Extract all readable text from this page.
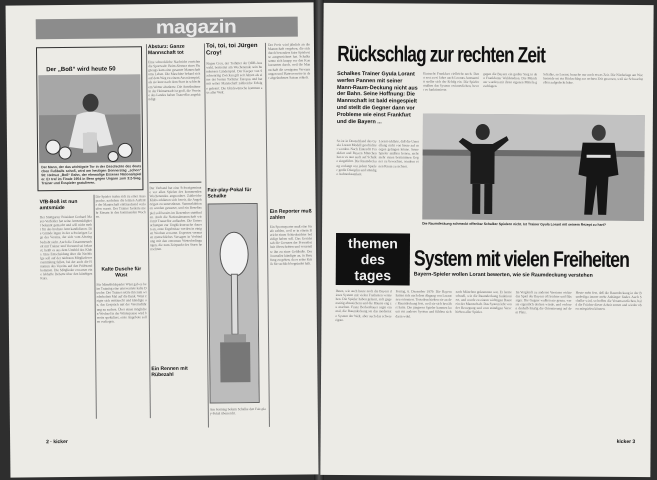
magazin
Der „Boß“ wird heute 50
Der Mann, der das wichtigste Tor in der Geschichte des deutschen Fußballs schoß, wird am heutigen Donnerstag „schon“ 50: Helmut „Boß“ Rahn, der ehemalige Essener Nationalspieler. Er traf im Finale 1954 in Bern gegen Ungarn zum 3:2-Sieg. Trainer und Exspieler gratulieren.
VfB-Boß ist nun amtsmüde
Der Stuttgarter Präsident Gerhard Mayer-Vorfelder hat seine Amtsmüdigkeit bekannt gemacht und will nicht mehr für das höchste Amt kandidieren. Die Gründe lägen in der schwierigen Lage des Vereins, der sich vom Abstieg bedroht sieht. Auch die Zusammenarbeit mit Trainer und Vorstand sei belastet, heißt es aus dem Umfeld des Klubs. Eine Entscheidung über die Nachfolge soll auf der nächsten Mitgliederversammlung fallen, bei der auch die Finanzen des Vereins auf den Prüfstand kommen. Die Mitglieder erwarten eine lebhafte Debatte über den künftigen Kurs.
Kalte Dusche für Wüst
Für Mittelfeldspieler Wüst gab es beim Training eine unerwartete kalte Dusche: Der Trainer setzte ihn zum wiederholten Mal auf die Bank. Wüst zeigte sich enttäuscht und kündigte an, das Gespräch mit der Vereinsführung zu suchen. Über einen möglichen Wechsel in der Winterpause wird bereits spekuliert, erste Angebote sollen vorliegen.
Die Spieler trafen sich zu einer Aussprache, nachdem die letzten Auftritte der Mannschaft enttäuschend verlaufen waren. Der Trainer forderte mehr Einsatz in den kommenden Wochen.
Absturz: Ganze Mannschaft tot
Eine schreckliche Nachricht erreichte die Sportwelt: Beim Absturz eines Flugzeugs kam eine gesamte Mannschaft ums Leben. Die Maschine befand sich auf dem Weg zu einem Auswärtsspiel, als sie kurz nach dem Start in schlechtem Wetter abstürzte. Die Anteilnahme in der Heimatstadt ist groß, die Vereine des Landes haben Trauerflor angekündigt.
Der Verband hat eine Schweigeminute vor allen Spielen des kommenden Wochenendes angeordnet. Zahlreiche Klubs erklärten sich bereit, die Angehörigen zu unterstützen. Sammelaktionen wurden gestartet, und ein Benefizspiel soll bereits im Dezember stattfinden. Auch die Nationalmannschaft wird mit Trauerflor auflaufen. Die Untersuchungen zur Unglücksursache dauern an, erste Ergebnisse werden in einigen Wochen erwartet. Experten vermuten menschliches Versagen in Verbindung mit den extremen Wetterbedingungen, die zum Zeitpunkt des Starts herrschten.
Ein Rennen mit Rübezahl
Toi, toi, toi Jürgen Croy!
Jürgen Croy, der Torhüter der DDR-Auswahl, bestreitet am Wochenende sein hundertstes Länderspiel. Der Keeper von Sachsenring Zwickau gilt seit Jahren als einer der besten Torhüter Europas und hat mit seiner Mannschaft zahlreiche Erfolge gefeiert. Die Glückwünsche kommen aus aller Welt.
Fair-play-Pokal für Schalke
Am Sonntag bekam Schalke den Fair-play-Pokal überreicht.
Der Preis wird jährlich an die Mannschaft vergeben, die sich durch besonders faire Spielweise ausgezeichnet hat. Schalke setzte sich knapp vor den Konkurrenten durch, weil die Mannschaft die wenigsten Verwarnungen und Platzverweise in der abgelaufenen Saison erhielt.
Ein Reporter muß zahlen
Ein Sportreporter muß eine Strafe zahlen, weil er in einem Bericht einen Schiedsrichter beleidigt haben soll. Das Gericht sah die Grenzen der Pressefreiheit überschritten und verurteilte ihn zu einer Geldbuße. Der Journalist kündigte an, in Berufung zu gehen, da er seine Kritik für sachlich begründet hält.
2 · kicker
Rückschlag zur rechten Zeit
Schalkes Trainer Gyula Lorant werfen Pannen mit seiner Mann-Raum-Deckung nicht aus der Bahn. Seine Hoffnung: Die Mannschaft ist bald eingespielt und stellt die Gegner dann vor Probleme wie einst Frankfurt und die Bayern ...
Eintracht Frankfurt vielleicht noch. Denn erst zwei Jahre nach Lorants Amtsantritt stellte sich der Erfolg ein. Die Spieler mußten das System verinnerlichen, bevor es funktionierte.
gegen die Bayern ein großer Sieg in den Frankfurter Waldstadion. Die Münchner wurden mit ihren eigenen Mitteln geschlagen.
Schalke, so Lorant, brauche nur noch etwas Zeit. Die Niederlage am Wochenende sei ein Rückschlag zur rechten Zeit gewesen, weil sie Schwachstellen aufgedeckt habe.
Die Raumdeckung schmeckt offenbar Schalker Spielern nicht. Ist Trainer Gyula Lorant mit seinem Rezept zu hart?
So ist in Deutschland das Gyula Lorant Modell geschichtet worden. Nach Eintracht Frankfurt und Bayern München hat er es nun auch auf Schalke eingeführt. Die Raumdeckung verlangt von jedem Spieler große Disziplin und ständige Aufmerksamkeit.
Lorant erklärte, daß die Umstellung nicht von heute auf morgen gelingen könne. Seine Spieler müßten lernen, nicht mehr einen bestimmten Gegner zu bewachen, sondern einen Raum zu sichern.
themen
des
tages
System mit vielen Freiheiten
Bayern-Spieler wollen Lorant bewerten, wie sie Raumdeckung verstehen
Ihnen, wie auch heute noch die Bayern dieses System mit vielen Freiheiten verstehen. Die Spieler haben gelernt, sich gegenseitig abzusichern und die Räume eng zu machen. Franz Beckenbauer sagte einmal, die Raumdeckung sei das modernste System der Welt, aber auch das schwierigste.
Freitag, 6. Dezember 1979: Die Bayern hatten sich nach dem Abgang von Lorant neu orientiert. Trotzdem hielten sie an der Raumdeckung fest, weil sie sich bewährt hatte. Die jüngeren Spieler kannten kaum ein anderes System und fühlten sich darin wohl.
nach München gekommen war. Er lernte schnell, wie die Raumdeckung funktioniert, und wurde zu einem wichtigen Baustein der Mannschaft. Das System lebt von der Bewegung und vom ständigen Verschieben aller Spieler.
Im Vergleich zu anderen Vereinen wirkte das Spiel der Bayern oft leichter und flüssiger. Die Gegner wußten nie genau, wer sie eigentlich decken würde, und verloren deshalb häufig die Orientierung auf dem Platz.
Heute steht fest, daß die Raumdeckung in der Bundesliga immer mehr Anhänger findet. Auch Schalke wird, so hoffen die Verantwortlichen, bald die Früchte dieser Arbeit ernten und wieder oben mitspielen können.
kicker 3
